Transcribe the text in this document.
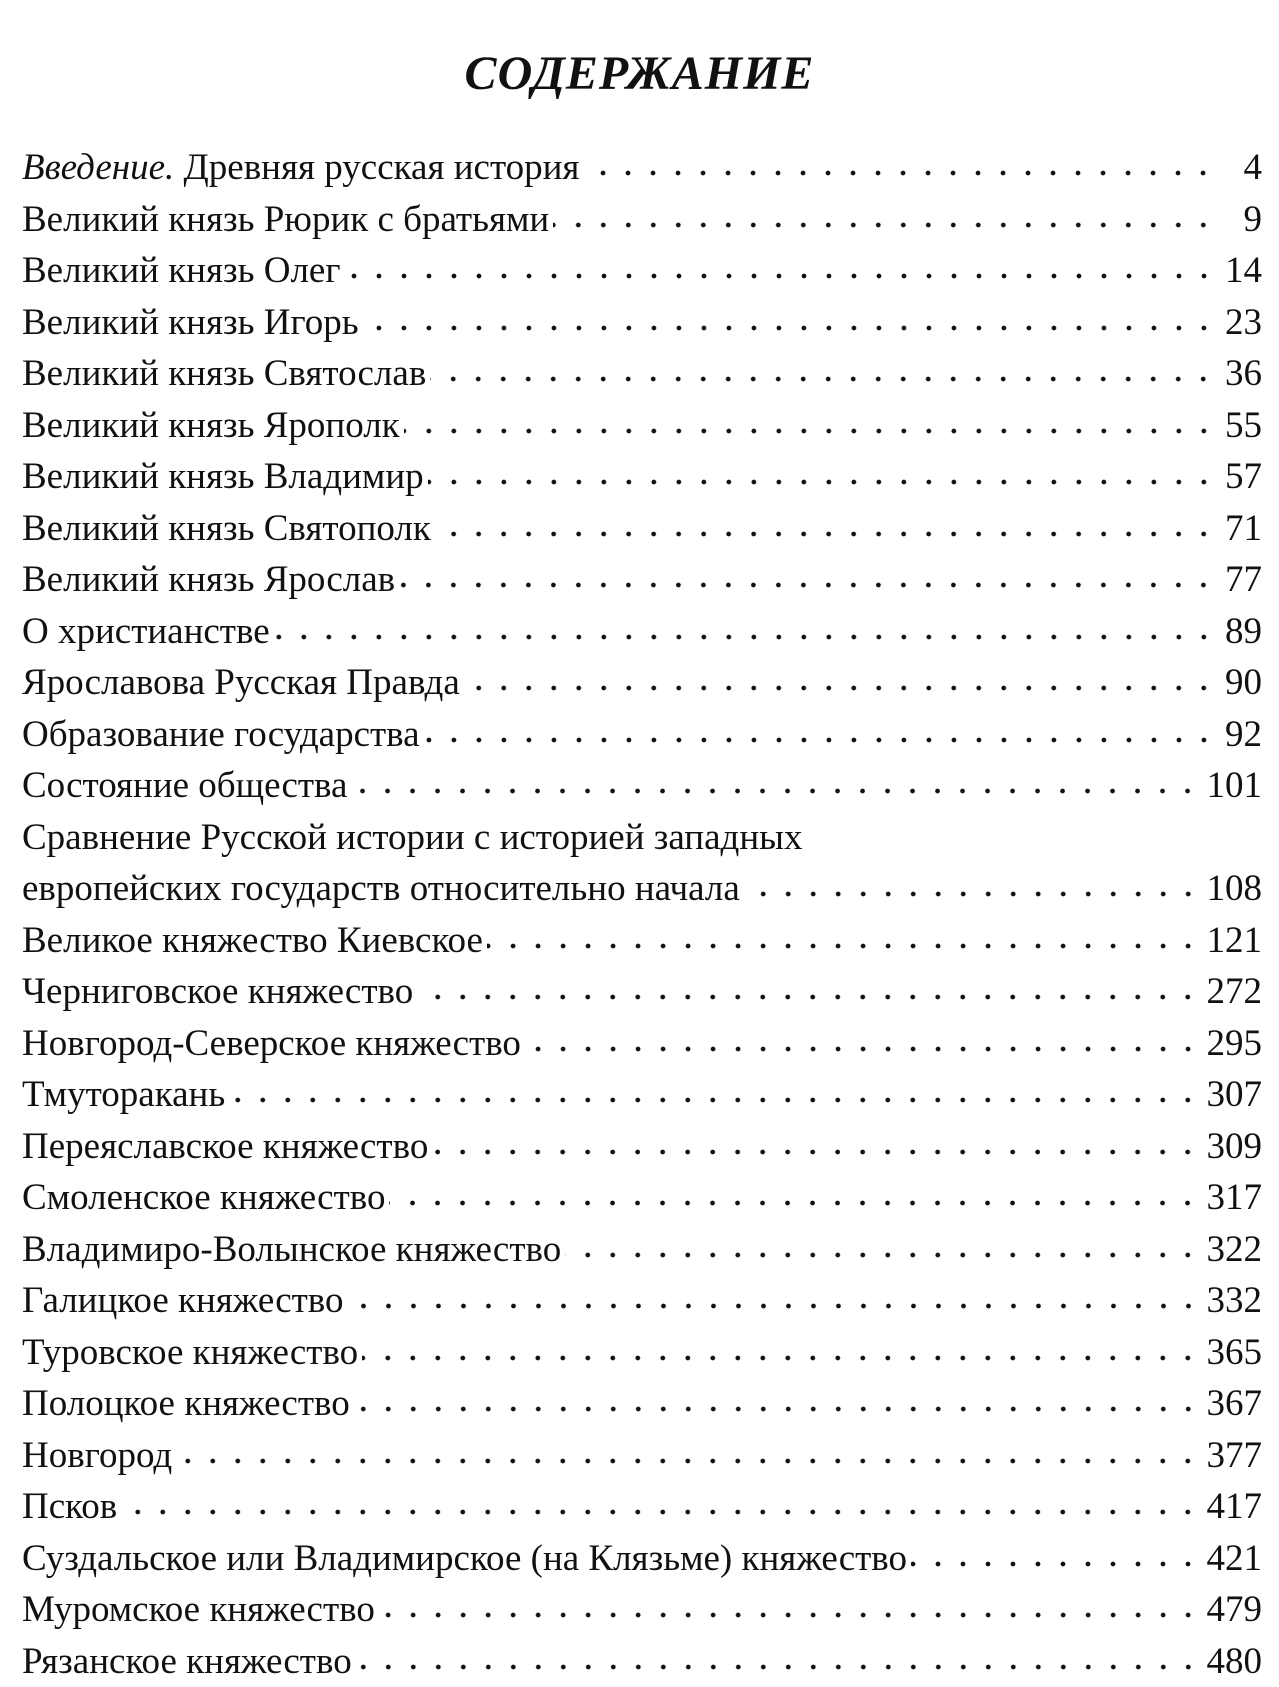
СОДЕРЖАНИЕ
Введение. Древняя русская история	4
Великий князь Рюрик с братьями	9
Великий князь Олег	14
Великий князь Игорь	23
Великий князь Святослав	36
Великий князь Ярополк	55
Великий князь Владимир	57
Великий князь Святополк	71
Великий князь Ярослав	77
О христианстве	89
Ярославова Русская Правда	90
Образование государства	92
Состояние общества	101
Сравнение Русской истории с историей западных
европейских государств относительно начала	108
Великое княжество Киевское	121
Черниговское княжество	272
Новгород-Северское княжество	295
Тмуторакань	307
Переяславское княжество	309
Смоленское княжество	317
Владимиро-Волынское княжество	322
Галицкое княжество	332
Туровское княжество	365
Полоцкое княжество	367
Новгород	377
Псков	417
Суздальское или Владимирское (на Клязьме) княжество	421
Муромское княжество	479
Рязанское княжество	480
